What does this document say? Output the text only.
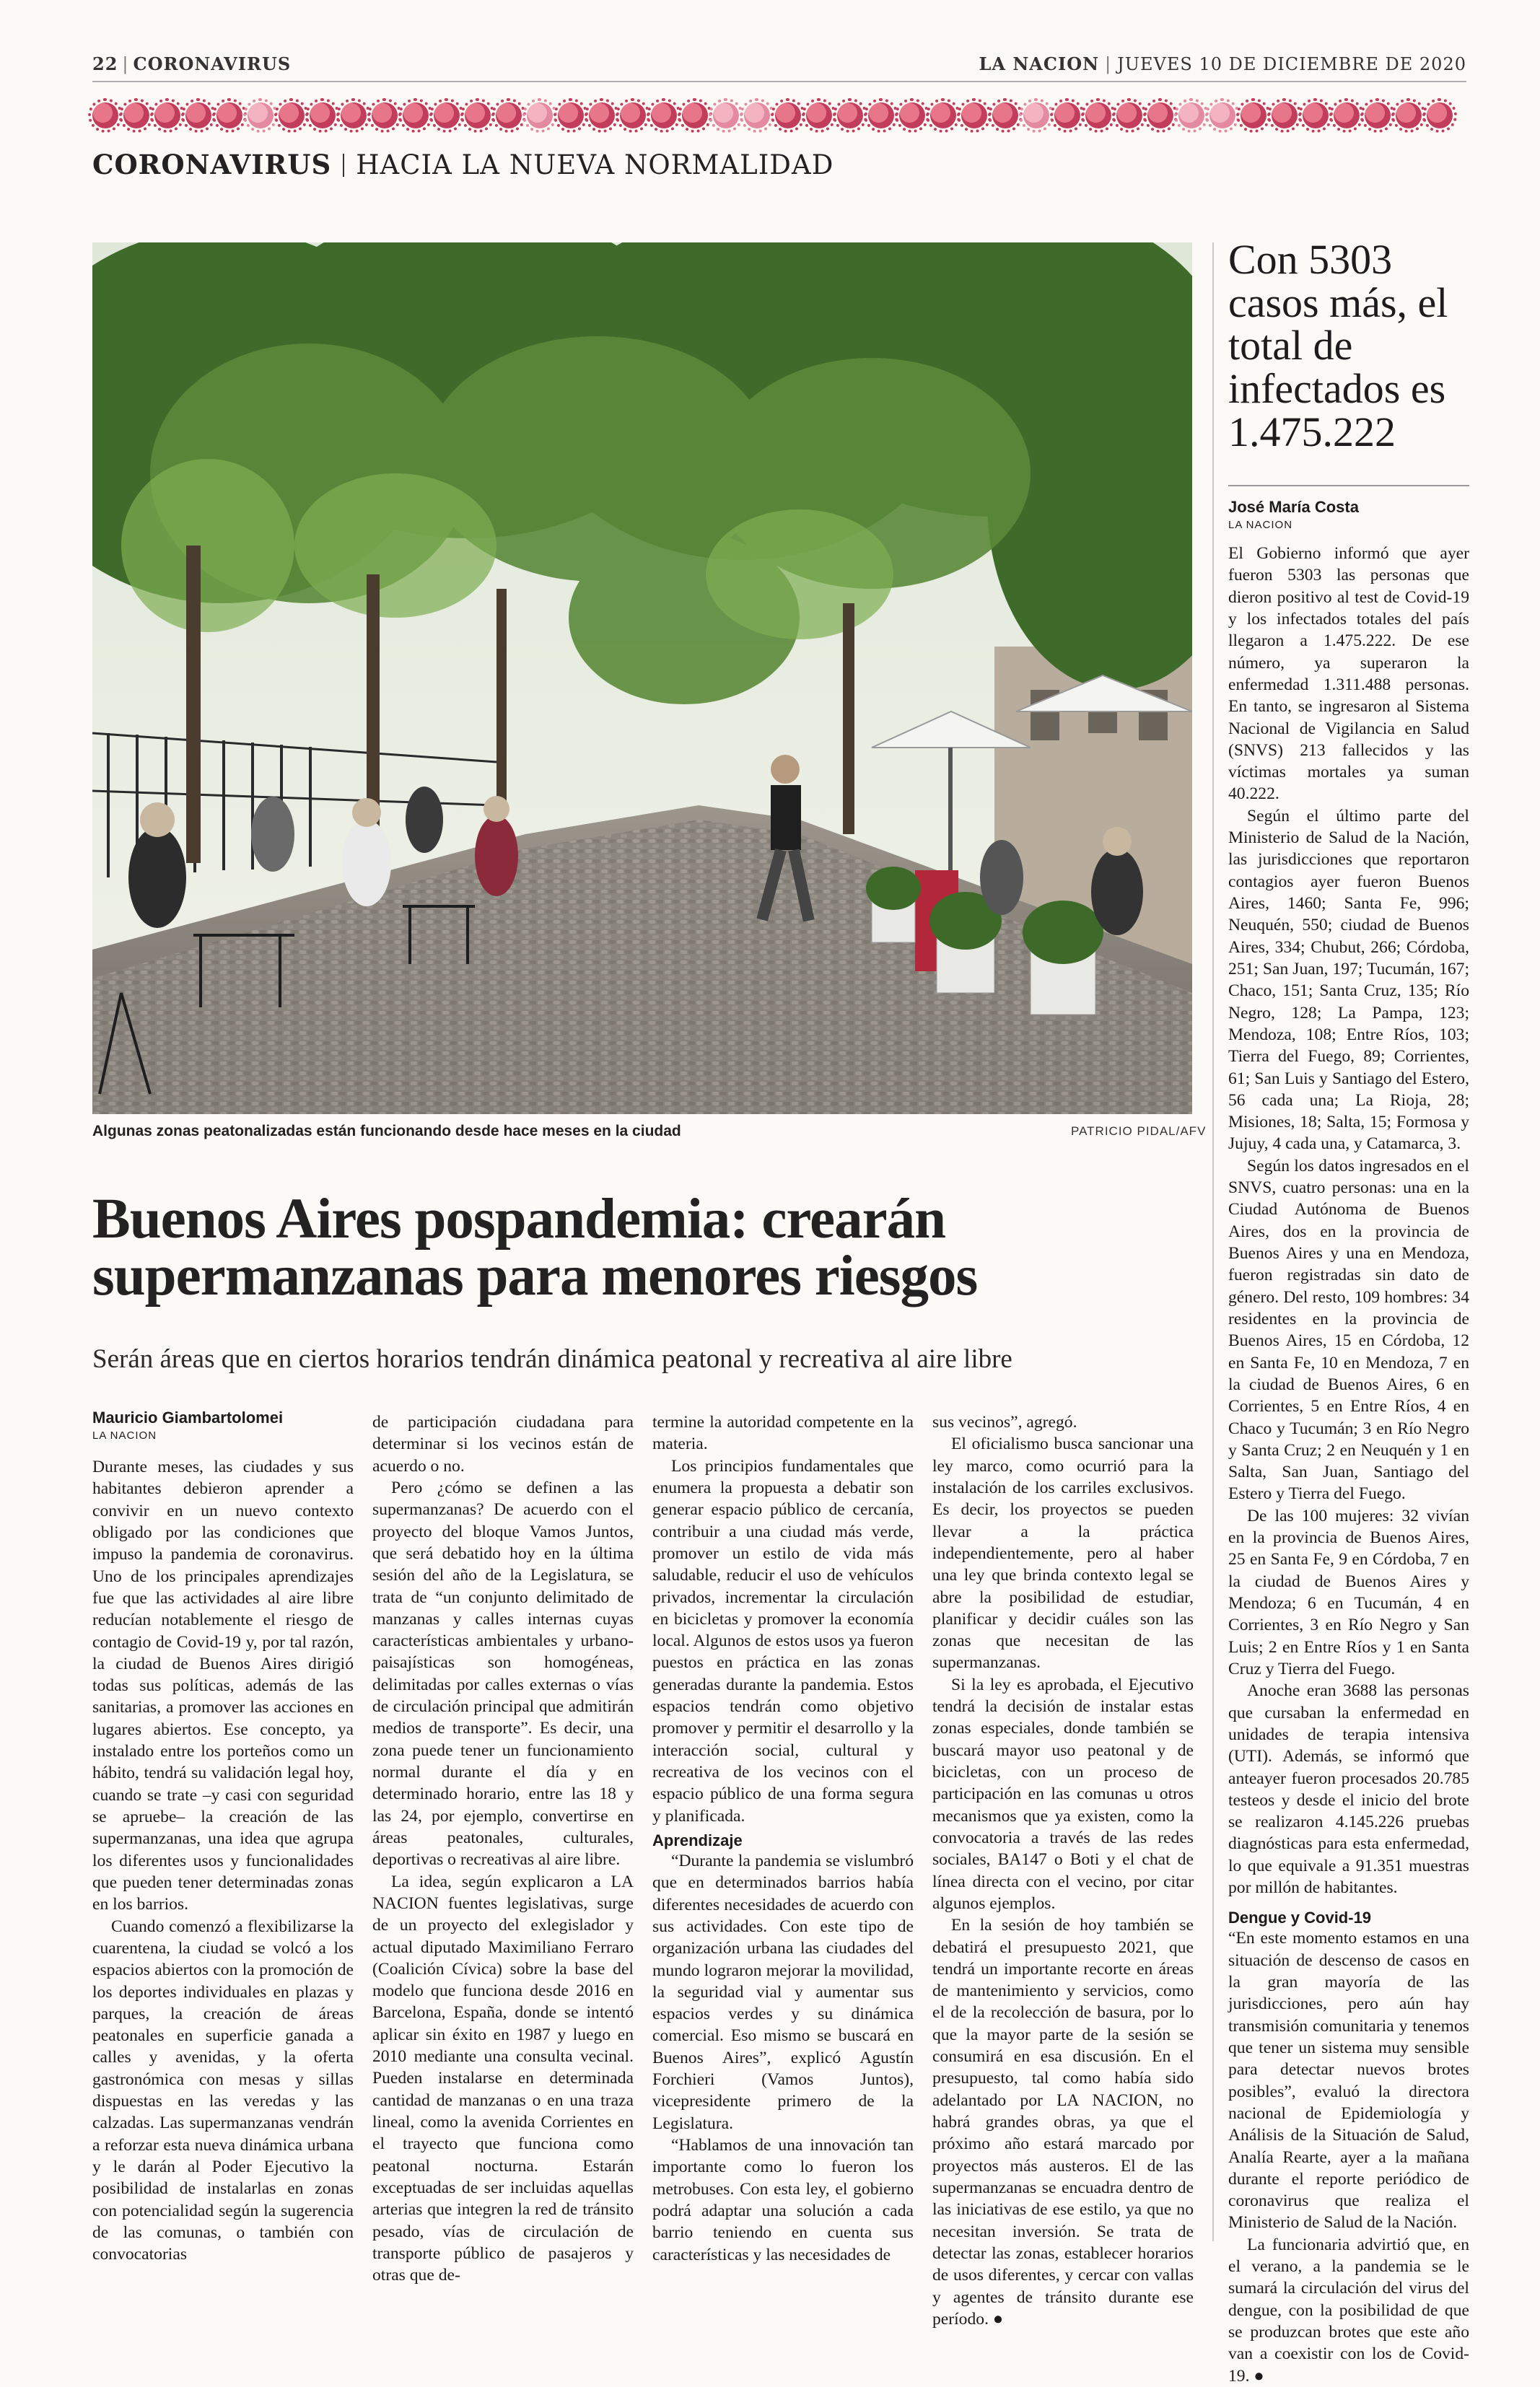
22 | CORONAVIRUS	LA NACION | JUEVES 10 DE DICIEMBRE DE 2020
CORONAVIRUS HACIA LA NUEVA NORMALIDAD
Algunas zonas peatonalizadas están funcionando desde hace meses en la ciudad	PATRICIO PIDAL/AFV
Buenos Aires pospandemia: crearán
supermanzanas para menores riesgos
Serán áreas que en ciertos horarios tendrán dinámica peatonal y recreativa al aire libre
Mauricio Giambartolomei
LA NACION

Durante meses, las ciudades y sus habitantes debieron aprender a convivir en un nuevo contexto obligado por las condiciones que impuso la pandemia de coronavirus. Uno de los principales aprendizajes fue que las actividades al aire libre reducían notablemente el riesgo de contagio de Covid-19 y, por tal razón, la ciudad de Buenos Aires dirigió todas sus políticas, además de las sanitarias, a promover las acciones en lugares abiertos. Ese concepto, ya instalado entre los porteños como un hábito, tendrá su validación legal hoy, cuando se trate –y casi con seguridad se apruebe– la creación de las supermanzanas, una idea que agrupa los diferentes usos y funcionalidades que pueden tener determinadas zonas en los barrios.

Cuando comenzó a flexibilizarse la cuarentena, la ciudad se volcó a los espacios abiertos con la promoción de los deportes individuales en plazas y parques, la creación de áreas peatonales en superficie ganada a calles y avenidas, y la oferta gastronómica con mesas y sillas dispuestas en las veredas y las calzadas. Las supermanzanas vendrán a reforzar esta nueva dinámica urbana y le darán al Poder Ejecutivo la posibilidad de instalarlas en zonas con potencialidad según la sugerencia de las comunas, o también con convocatorias

de participación ciudadana para determinar si los vecinos están de acuerdo o no.

Pero ¿cómo se definen a las supermanzanas? De acuerdo con el proyecto del bloque Vamos Juntos, que será debatido hoy en la última sesión del año de la Legislatura, se trata de “un conjunto delimitado de manzanas y calles internas cuyas características ambientales y urbano-paisajísticas son homogéneas, delimitadas por calles externas o vías de circulación principal que admitirán medios de transporte”. Es decir, una zona puede tener un funcionamiento normal durante el día y en determinado horario, entre las 18 y las 24, por ejemplo, convertirse en áreas peatonales, culturales, deportivas o recreativas al aire libre.

La idea, según explicaron a LA NACION fuentes legislativas, surge de un proyecto del exlegislador y actual diputado Maximiliano Ferraro (Coalición Cívica) sobre la base del modelo que funciona desde 2016 en Barcelona, España, donde se intentó aplicar sin éxito en 1987 y luego en 2010 mediante una consulta vecinal. Pueden instalarse en determinada cantidad de manzanas o en una traza lineal, como la avenida Corrientes en el trayecto que funciona como peatonal nocturna. Estarán exceptuadas de ser incluidas aquellas arterias que integren la red de tránsito pesado, vías de circulación de transporte público de pasajeros y otras que de-

termine la autoridad competente en la materia.

Los principios fundamentales que enumera la propuesta a debatir son generar espacio público de cercanía, contribuir a una ciudad más verde, promover un estilo de vida más saludable, reducir el uso de vehículos privados, incrementar la circulación en bicicletas y promover la economía local. Algunos de estos usos ya fueron puestos en práctica en las zonas generadas durante la pandemia. Estos espacios tendrán como objetivo promover y permitir el desarrollo y la interacción social, cultural y recreativa de los vecinos con el espacio público de una forma segura y planificada.

Aprendizaje

“Durante la pandemia se vislumbró que en determinados barrios había diferentes necesidades de acuerdo con sus actividades. Con este tipo de organización urbana las ciudades del mundo lograron mejorar la movilidad, la seguridad vial y aumentar sus espacios verdes y su dinámica comercial. Eso mismo se buscará en Buenos Aires”, explicó Agustín Forchieri (Vamos Juntos), vicepresidente primero de la Legislatura.

“Hablamos de una innovación tan importante como lo fueron los metrobuses. Con esta ley, el gobierno podrá adaptar una solución a cada barrio teniendo en cuenta sus características y las necesidades de

sus vecinos”, agregó.

El oficialismo busca sancionar una ley marco, como ocurrió para la instalación de los carriles exclusivos. Es decir, los proyectos se pueden llevar a la práctica independientemente, pero al haber una ley que brinda contexto legal se abre la posibilidad de estudiar, planificar y decidir cuáles son las zonas que necesitan de las supermanzanas.

Si la ley es aprobada, el Ejecutivo tendrá la decisión de instalar estas zonas especiales, donde también se buscará mayor uso peatonal y de bicicletas, con un proceso de participación en las comunas u otros mecanismos que ya existen, como la convocatoria a través de las redes sociales, BA147 o Boti y el chat de línea directa con el vecino, por citar algunos ejemplos.

En la sesión de hoy también se debatirá el presupuesto 2021, que tendrá un importante recorte en áreas de mantenimiento y servicios, como el de la recolección de basura, por lo que la mayor parte de la sesión se consumirá en esa discusión. En el presupuesto, tal como había sido adelantado por LA NACION, no habrá grandes obras, ya que el próximo año estará marcado por proyectos más austeros. El de las supermanzanas se encuadra dentro de las iniciativas de ese estilo, ya que no necesitan inversión. Se trata de detectar las zonas, establecer horarios de usos diferentes, y cercar con vallas y agentes de tránsito durante ese período. ●

Con 5303 casos más, el total de infectados es 1.475.222
José María Costa
LA NACION

El Gobierno informó que ayer fueron 5303 las personas que dieron positivo al test de Covid-19 y los infectados totales del país llegaron a 1.475.222. De ese número, ya superaron la enfermedad 1.311.488 personas. En tanto, se ingresaron al Sistema Nacional de Vigilancia en Salud (SNVS) 213 fallecidos y las víctimas mortales ya suman 40.222.

Según el último parte del Ministerio de Salud de la Nación, las jurisdicciones que reportaron contagios ayer fueron Buenos Aires, 1460; Santa Fe, 996; Neuquén, 550; ciudad de Buenos Aires, 334; Chubut, 266; Córdoba, 251; San Juan, 197; Tucumán, 167; Chaco, 151; Santa Cruz, 135; Río Negro, 128; La Pampa, 123; Mendoza, 108; Entre Ríos, 103; Tierra del Fuego, 89; Corrientes, 61; San Luis y Santiago del Estero, 56 cada una; La Rioja, 28; Misiones, 18; Salta, 15; Formosa y Jujuy, 4 cada una, y Catamarca, 3.

Según los datos ingresados en el SNVS, cuatro personas: una en la Ciudad Autónoma de Buenos Aires, dos en la provincia de Buenos Aires y una en Mendoza, fueron registradas sin dato de género. Del resto, 109 hombres: 34 residentes en la provincia de Buenos Aires, 15 en Córdoba, 12 en Santa Fe, 10 en Mendoza, 7 en la ciudad de Buenos Aires, 6 en Corrientes, 5 en Entre Ríos, 4 en Chaco y Tucumán; 3 en Río Negro y Santa Cruz; 2 en Neuquén y 1 en Salta, San Juan, Santiago del Estero y Tierra del Fuego.

De las 100 mujeres: 32 vivían en la provincia de Buenos Aires, 25 en Santa Fe, 9 en Córdoba, 7 en la ciudad de Buenos Aires y Mendoza; 6 en Tucumán, 4 en Corrientes, 3 en Río Negro y San Luis; 2 en Entre Ríos y 1 en Santa Cruz y Tierra del Fuego.

Anoche eran 3688 las personas que cursaban la enfermedad en unidades de terapia intensiva (UTI). Además, se informó que anteayer fueron procesados 20.785 testeos y desde el inicio del brote se realizaron 4.145.226 pruebas diagnósticas para esta enfermedad, lo que equivale a 91.351 muestras por millón de habitantes.

Dengue y Covid-19

“En este momento estamos en una situación de descenso de casos en la gran mayoría de las jurisdicciones, pero aún hay transmisión comunitaria y tenemos que tener un sistema muy sensible para detectar nuevos brotes posibles”, evaluó la directora nacional de Epidemiología y Análisis de la Situación de Salud, Analía Rearte, ayer a la mañana durante el reporte periódico de coronavirus que realiza el Ministerio de Salud de la Nación.

La funcionaria advirtió que, en el verano, a la pandemia se le sumará la circulación del virus del dengue, con la posibilidad de que se produzcan brotes que este año van a coexistir con los de Covid-19. ●
